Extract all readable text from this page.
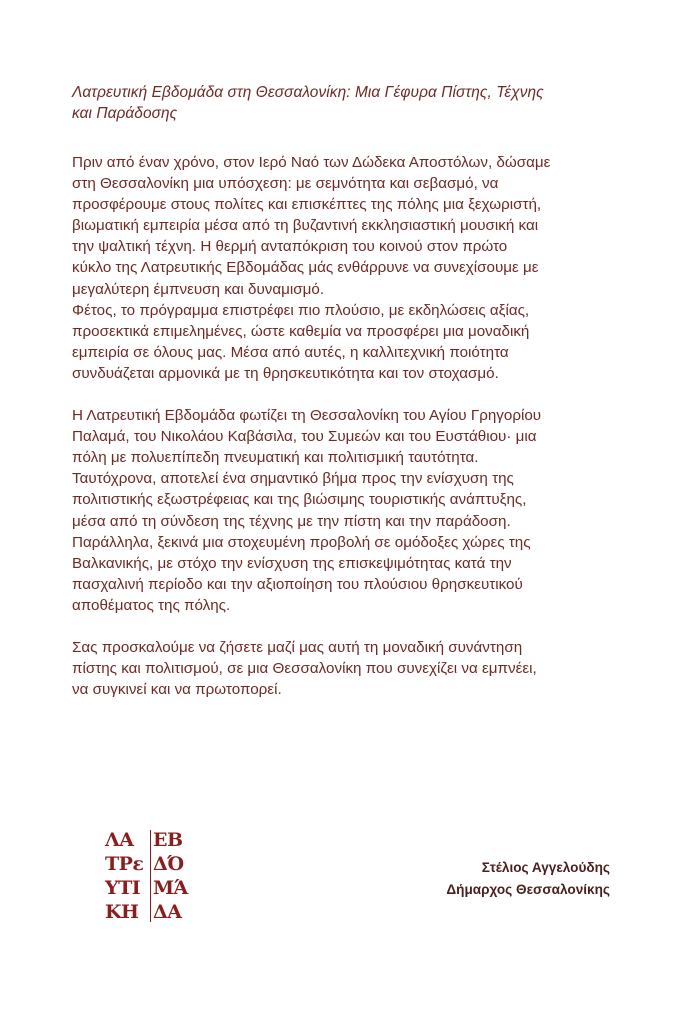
Λατρευτική Εβδομάδα στη Θεσσαλονίκη: Μια Γέφυρα Πίστης, Τέχνης
και Παράδοσης

Πριν από έναν χρόνο, στον Ιερό Ναό των Δώδεκα Αποστόλων, δώσαμε
στη Θεσσαλονίκη μια υπόσχεση: με σεμνότητα και σεβασμό, να
προσφέρουμε στους πολίτες και επισκέπτες της πόλης μια ξεχωριστή,
βιωματική εμπειρία μέσα από τη βυζαντινή εκκλησιαστική μουσική και
την ψαλτική τέχνη. Η θερμή ανταπόκριση του κοινού στον πρώτο
κύκλο της Λατρευτικής Εβδομάδας μάς ενθάρρυνε να συνεχίσουμε με
μεγαλύτερη έμπνευση και δυναμισμό.
Φέτος, το πρόγραμμα επιστρέφει πιο πλούσιο, με εκδηλώσεις αξίας,
προσεκτικά επιμελημένες, ώστε καθεμία να προσφέρει μια μοναδική
εμπειρία σε όλους μας. Μέσα από αυτές, η καλλιτεχνική ποιότητα
συνδυάζεται αρμονικά με τη θρησκευτικότητα και τον στοχασμό.

Η Λατρευτική Εβδομάδα φωτίζει τη Θεσσαλονίκη του Αγίου Γρηγορίου
Παλαμά, του Νικολάου Καβάσιλα, του Συμεών και του Ευστάθιου· μια
πόλη με πολυεπίπεδη πνευματική και πολιτισμική ταυτότητα.
Ταυτόχρονα, αποτελεί ένα σημαντικό βήμα προς την ενίσχυση της
πολιτιστικής εξωστρέφειας και της βιώσιμης τουριστικής ανάπτυξης,
μέσα από τη σύνδεση της τέχνης με την πίστη και την παράδοση.
Παράλληλα, ξεκινά μια στοχευμένη προβολή σε ομόδοξες χώρες της
Βαλκανικής, με στόχο την ενίσχυση της επισκεψιμότητας κατά την
πασχαλινή περίοδο και την αξιοποίηση του πλούσιου θρησκευτικού
αποθέματος της πόλης.

Σας προσκαλούμε να ζήσετε μαζί μας αυτή τη μοναδική συνάντηση
πίστης και πολιτισμού, σε μια Θεσσαλονίκη που συνεχίζει να εμπνέει,
να συγκινεί και να πρωτοπορεί.

ΛΑ
ΤΡε
ΥΤΙ
ΚΗ
ΕΒ
ΔΌ
ΜΆ
ΔΑ
Στέλιος Αγγελούδης
Δήμαρχος Θεσσαλονίκης
